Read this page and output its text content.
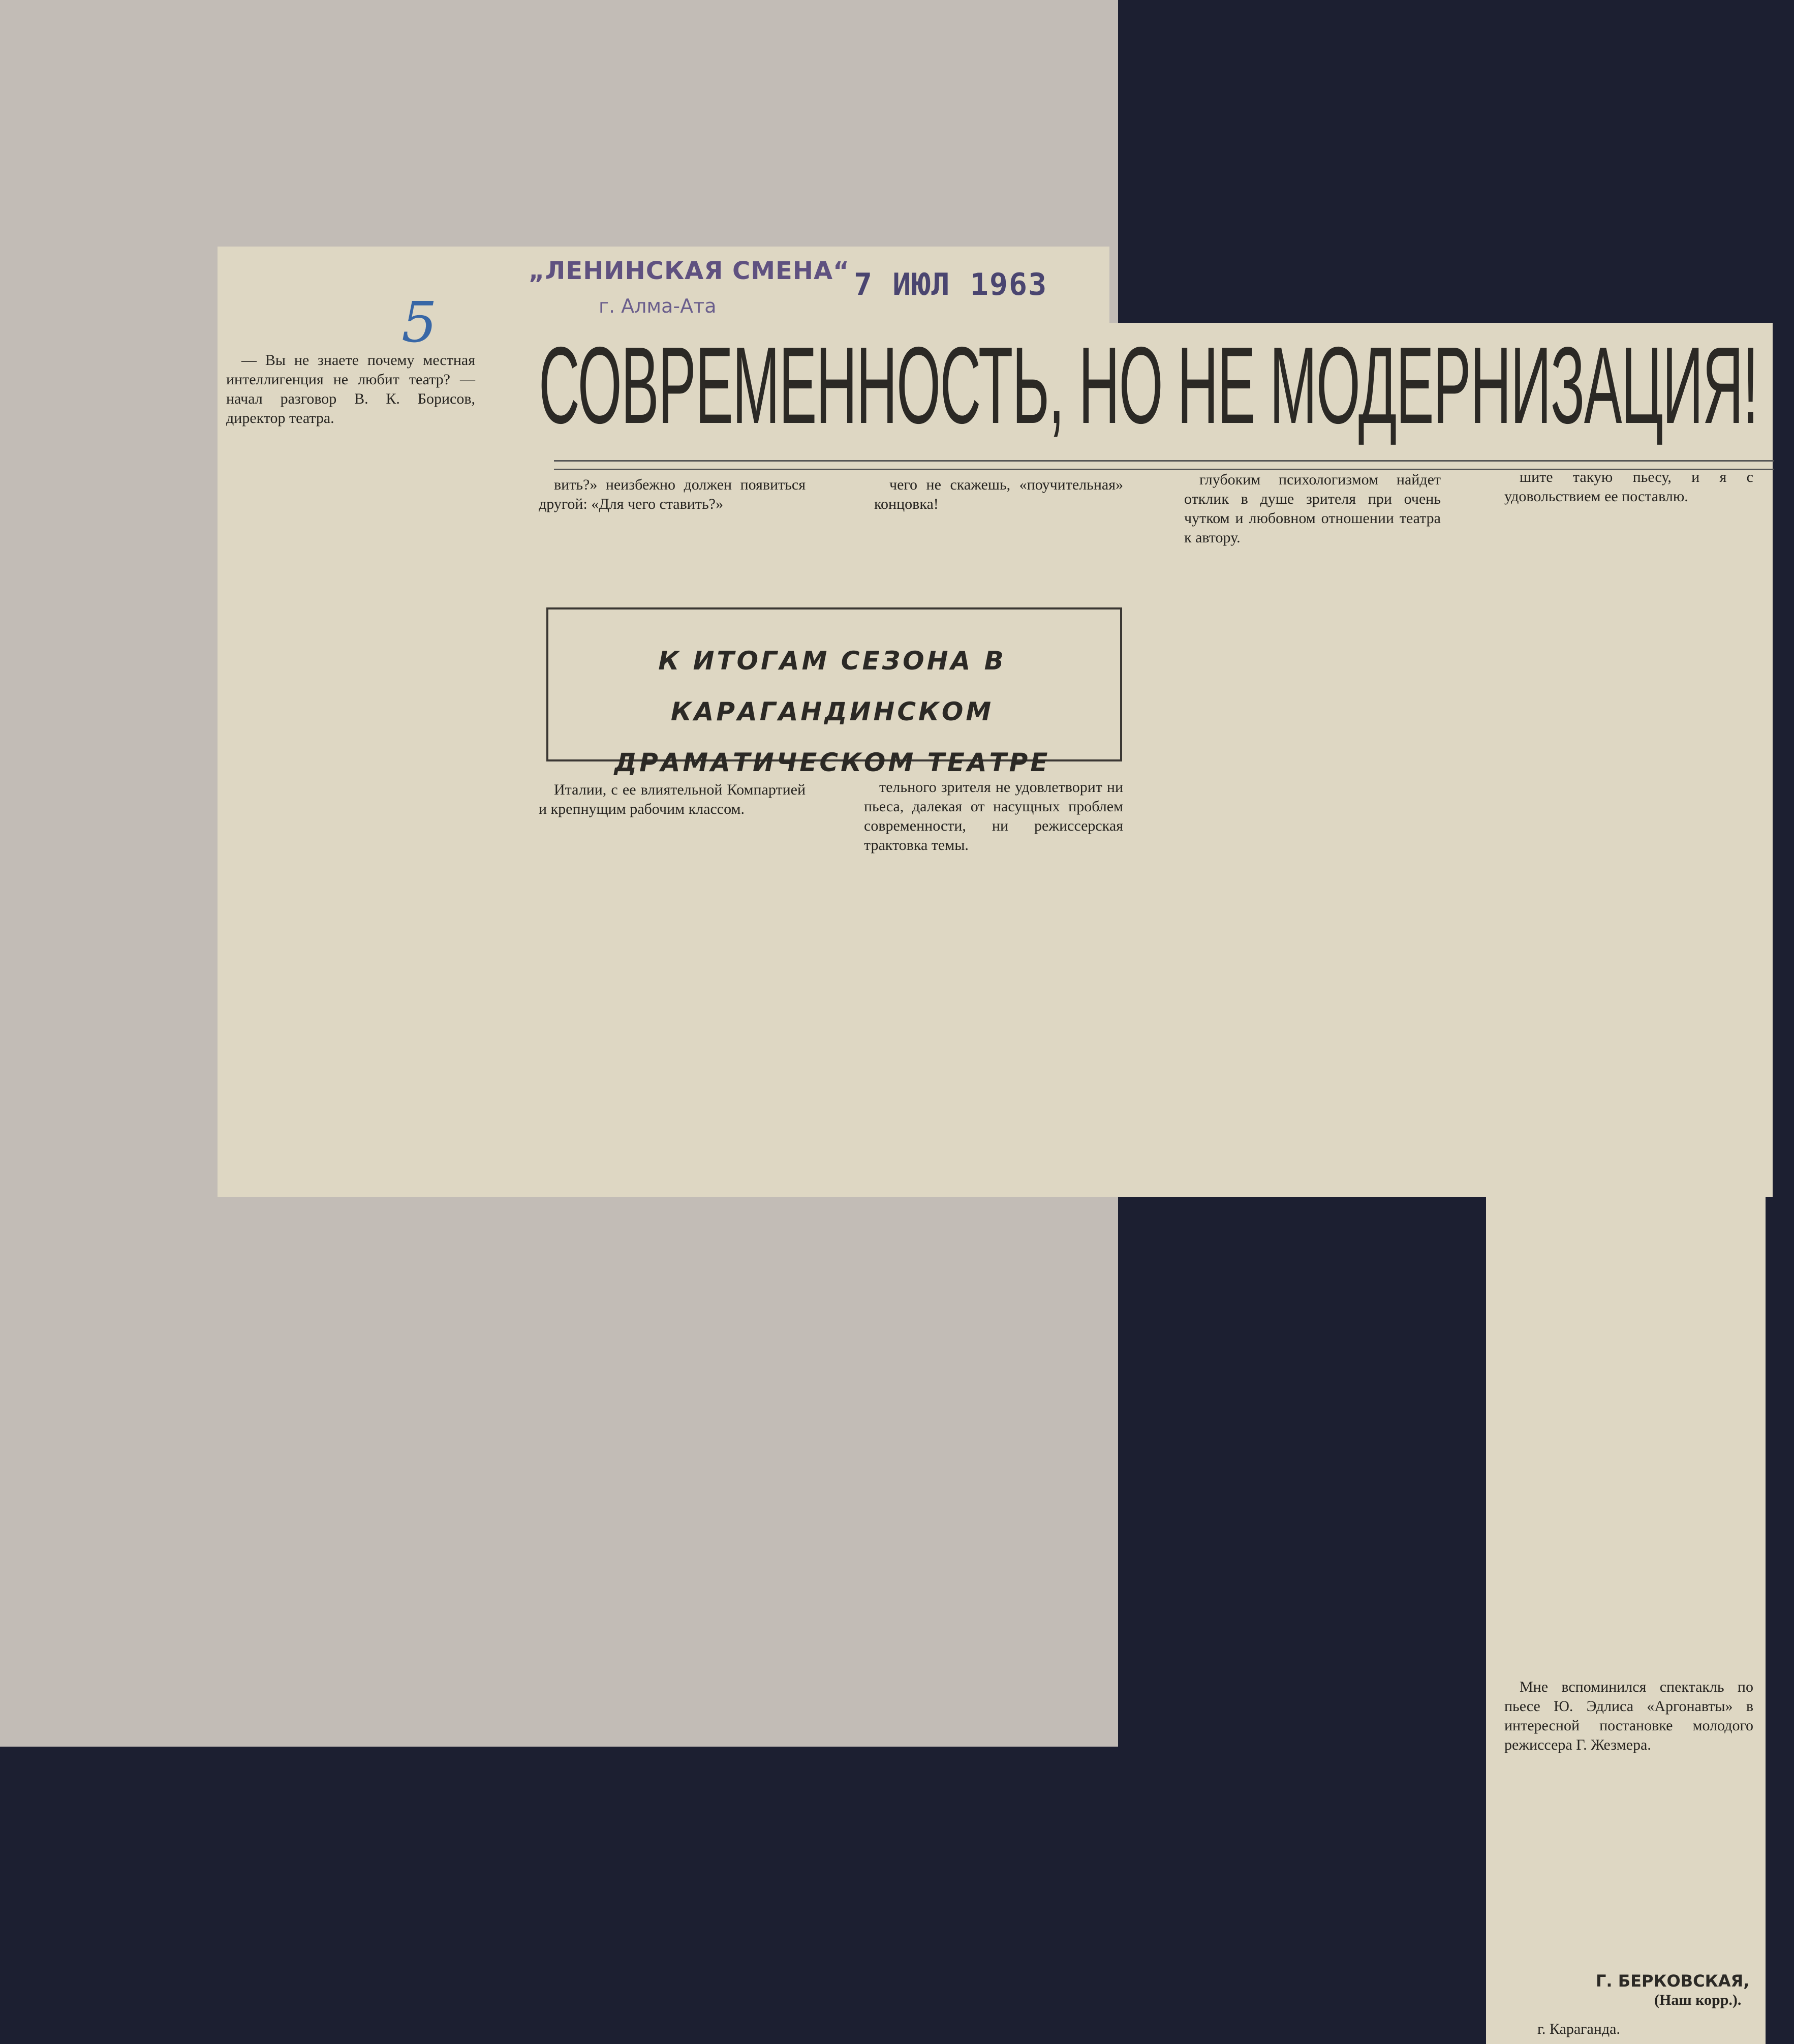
5
„ЛЕНИНСКАЯ СМЕНА“
г. Алма-Ата
7 ИЮЛ 1963
СОВРЕМЕННОСТЬ, НО НЕ МОДЕРНИЗАЦИЯ!
К ИТОГАМ СЕЗОНА В КАРАГАНДИНСКОМ
ДРАМАТИЧЕСКОМ ТЕАТРЕ

— Вы не знаете почему местная интеллигенция не любит театр? — начал разговор В. К. Борисов, директор театра.

вить?» неизбежно должен появиться другой: «Для чего ставить?»

чего не скажешь, «поучительная» концовка!

глубоким психологизмом найдет отклик в душе зрителя при очень чутком и любовном отношении театра к автору.

шите такую пьесу, и я с удовольствием ее поставлю.

Италии, с ее влиятельной Компартией и крепнущим рабочим классом.

тельного зрителя не удовлетворит ни пьеса, далекая от насущных проблем современности, ни режиссерская трактовка темы.

Мне вспоминился спектакль по пьесе Ю. Эдлиса «Аргонавты» в интересной постановке молодого режиссера Г. Жезмера.

Г. БЕРКОВСКАЯ,
(Наш корр.).
г. Караганда.
